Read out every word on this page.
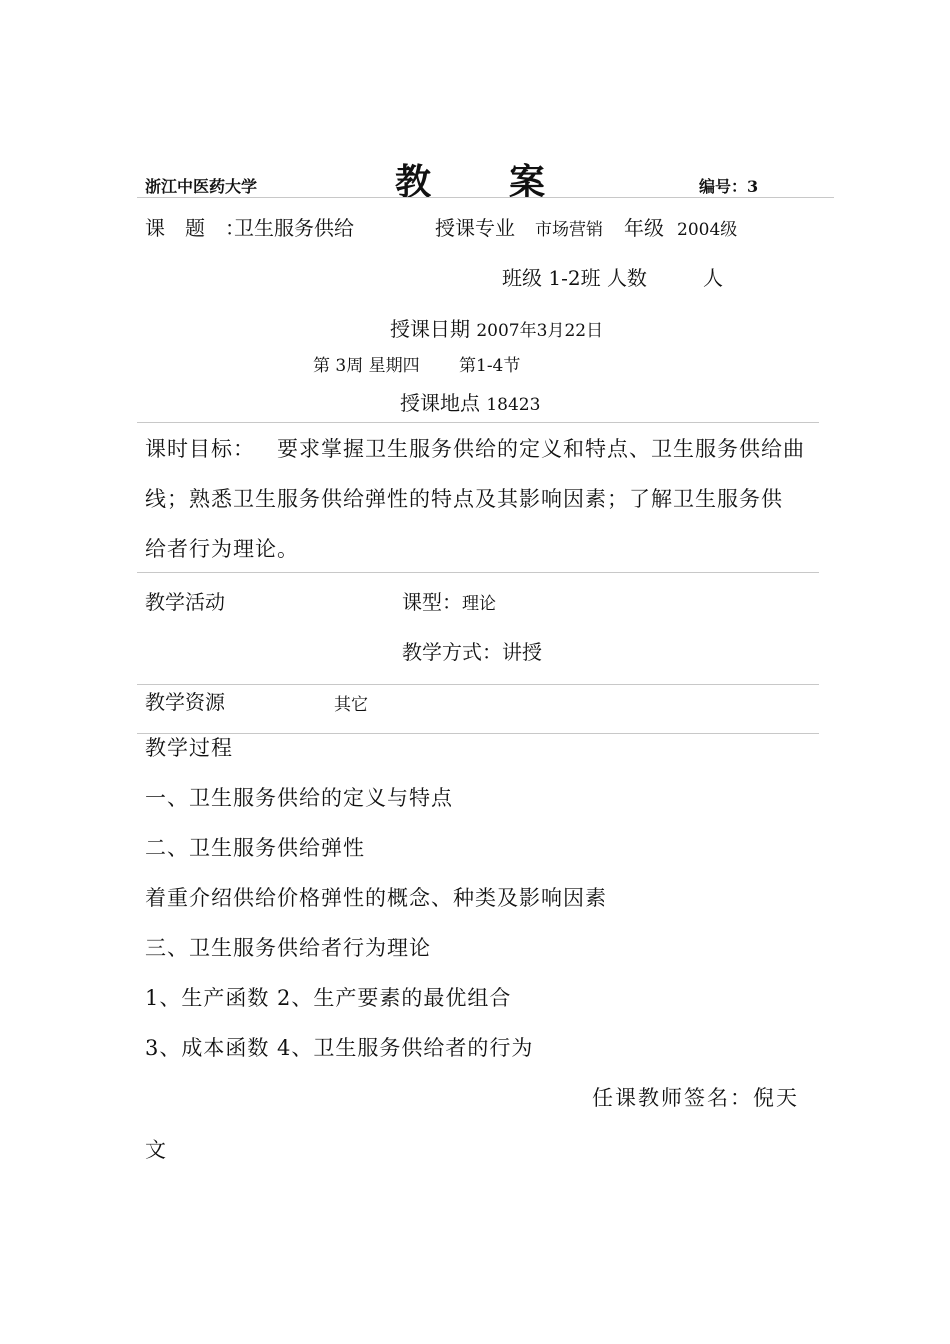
浙江中医药大学	教　　案	编号：3
课　题　：
卫生服务供给	授课专业 市场营销 年级 2004级
班级 1-2班 人数	人
授课日期 2007年3月22日
第 3周 星期四 第1-4节
授课地点 18423
课时目标： 要求掌握卫生服务供给的定义和特点、卫生服务供给曲
线；熟悉卫生服务供给弹性的特点及其影响因素；了解卫生服务供
给者行为理论。
教学活动	课型：理论
教学方式：讲授
教学资源	其它
教学过程
一、卫生服务供给的定义与特点
二、卫生服务供给弹性
着重介绍供给价格弹性的概念、种类及影响因素
三、卫生服务供给者行为理论
1、生产函数 2、生产要素的最优组合
3、成本函数 4、卫生服务供给者的行为
任课教师签名：倪天
文
